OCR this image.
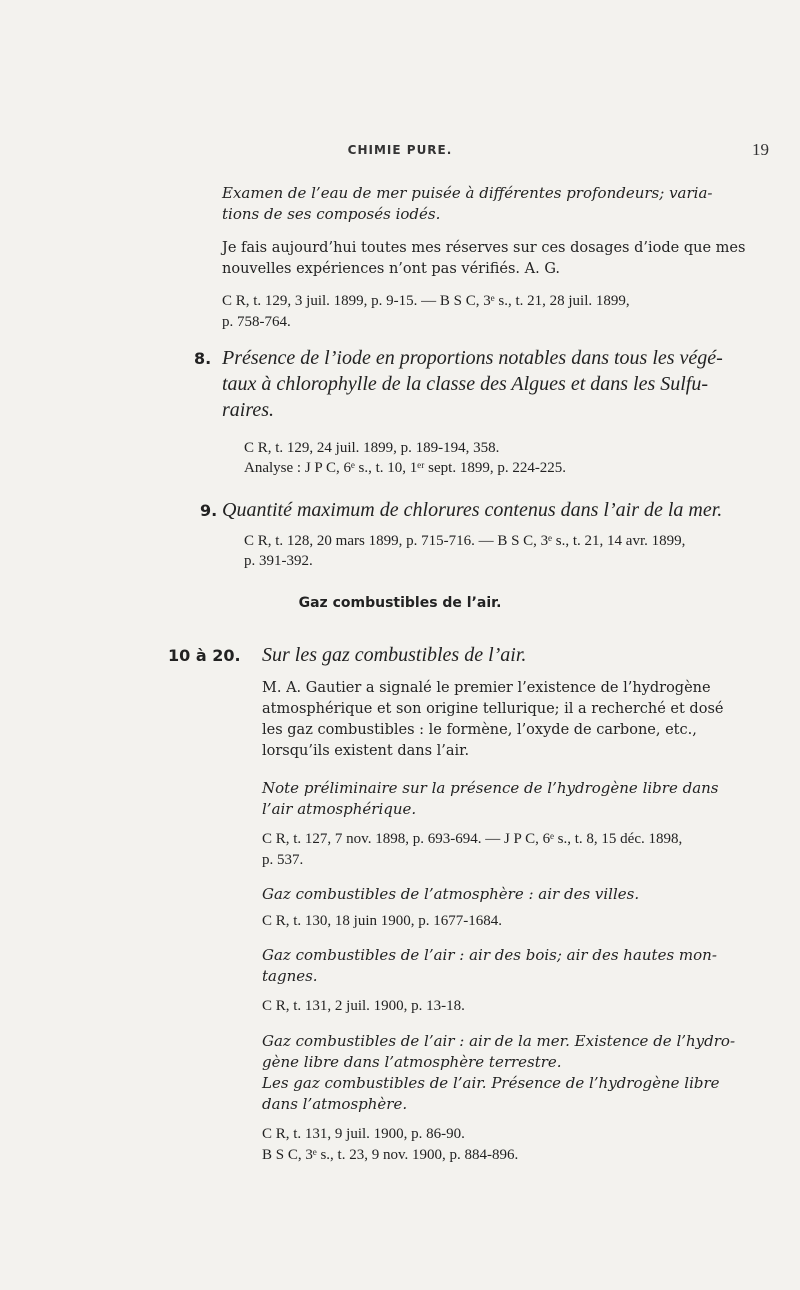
CHIMIE PURE.	19
Examen de l’eau de mer puisée à différentes profondeurs; varia-
tions de ses composés iodés.
Je fais aujourd’hui toutes mes réserves sur ces dosages d’iode que mes
nouvelles expériences n’ont pas vérifiés. A. G.
C R, t. 129, 3 juil. 1899, p. 9-15. — B S C, 3ᵉ s., t. 21, 28 juil. 1899,
p. 758-764.
8. Présence de l’iode en proportions notables dans tous les végé-
taux à chlorophylle de la classe des Algues et dans les Sulfu-
raires.
C R, t. 129, 24 juil. 1899, p. 189-194, 358.
Analyse : J P C, 6ᵉ s., t. 10, 1ᵉʳ sept. 1899, p. 224-225.
9. Quantité maximum de chlorures contenus dans l’air de la mer.
C R, t. 128, 20 mars 1899, p. 715-716. — B S C, 3ᵉ s., t. 21, 14 avr. 1899,
p. 391-392.
Gaz combustibles de l’air.
10 à 20. Sur les gaz combustibles de l’air.
M. A. Gautier a signalé le premier l’existence de l’hydrogène
atmosphérique et son origine tellurique; il a recherché et dosé
les gaz combustibles : le formène, l’oxyde de carbone, etc.,
lorsqu’ils existent dans l’air.
Note préliminaire sur la présence de l’hydrogène libre dans
l’air atmosphérique.
C R, t. 127, 7 nov. 1898, p. 693-694. — J P C, 6ᵉ s., t. 8, 15 déc. 1898,
p. 537.
Gaz combustibles de l’atmosphère : air des villes.
C R, t. 130, 18 juin 1900, p. 1677-1684.
Gaz combustibles de l’air : air des bois; air des hautes mon-
tagnes.
C R, t. 131, 2 juil. 1900, p. 13-18.
Gaz combustibles de l’air : air de la mer. Existence de l’hydro-
gène libre dans l’atmosphère terrestre.
Les gaz combustibles de l’air. Présence de l’hydrogène libre
dans l’atmosphère.
C R, t. 131, 9 juil. 1900, p. 86-90.
B S C, 3ᵉ s., t. 23, 9 nov. 1900, p. 884-896.
